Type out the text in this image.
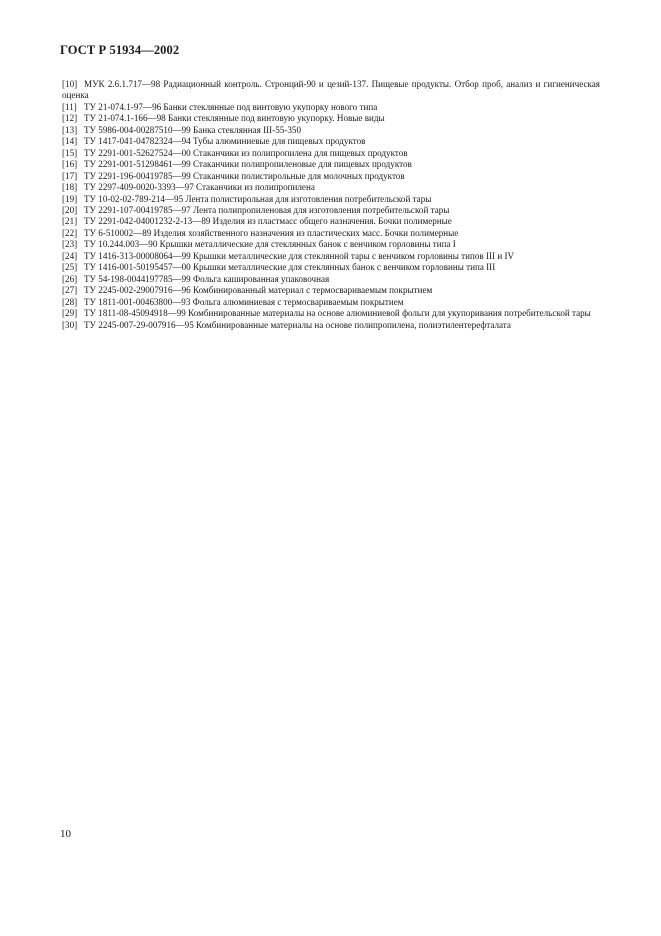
ГОСТ Р 51934—2002

[10] МУК 2.6.1.717—98 Радиационный контроль. Стронций-90 и цезий-137. Пищевые продукты. Отбор проб, анализ и гигиеническая оценка

[11] ТУ 21-074.1-97—96 Банки стеклянные под винтовую укупорку нового типа

[12] ТУ 21-074.1-166—98 Банки стеклянные под винтовую укупорку. Новые виды

[13] ТУ 5986-004-00287510—99 Банка стеклянная III-55-350

[14] ТУ 1417-041-04782324—94 Тубы алюминиевые для пищевых продуктов

[15] ТУ 2291-001-52627524—00 Стаканчики из полипропилена для пищевых продуктов

[16] ТУ 2291-001-51298461—99 Стаканчики полипропиленовые для пищевых продуктов

[17] ТУ 2291-196-00419785—99 Стаканчики полистирольные для молочных продуктов

[18] ТУ 2297-409-0020-3393—97 Стаканчики из полипропилена

[19] ТУ 10-02-02-789-214—95 Лента полистирольная для изготовления потребительской тары

[20] ТУ 2291-107-00419785—97 Лента полипропиленовая для изготовления потребительской тары

[21] ТУ 2291-042-04001232-2-13—89 Изделия из пластмасс общего назначения. Бочки полимерные

[22] ТУ 6-510002—89 Изделия хозяйственного назначения из пластических масс. Бочки полимерные

[23] ТУ 10.244.003—90 Крышки металлические для стеклянных банок с венчиком горловины типа I

[24] ТУ 1416-313-00008064—99 Крышки металлические для стеклянной тары с венчиком горловины типов III и IV

[25] ТУ 1416-001-50195457—00 Крышки металлические для стеклянных банок с венчиком горловины типа III

[26] ТУ 54-198-0044197785—99 Фольга кашированная упаковочная

[27] ТУ 2245-002-29007916—96 Комбинированный материал с термосвариваемым покрытием

[28] ТУ 1811-001-00463800—93 Фольга алюминиевая с термосвариваемым покрытием

[29] ТУ 1811-08-45094918—99 Комбинированные материалы на основе алюминиевой фольги для укупоривания потребительской тары

[30] ТУ 2245-007-29-007916—95 Комбинированные материалы на основе полипропилена, полиэтилентерефталата

10
